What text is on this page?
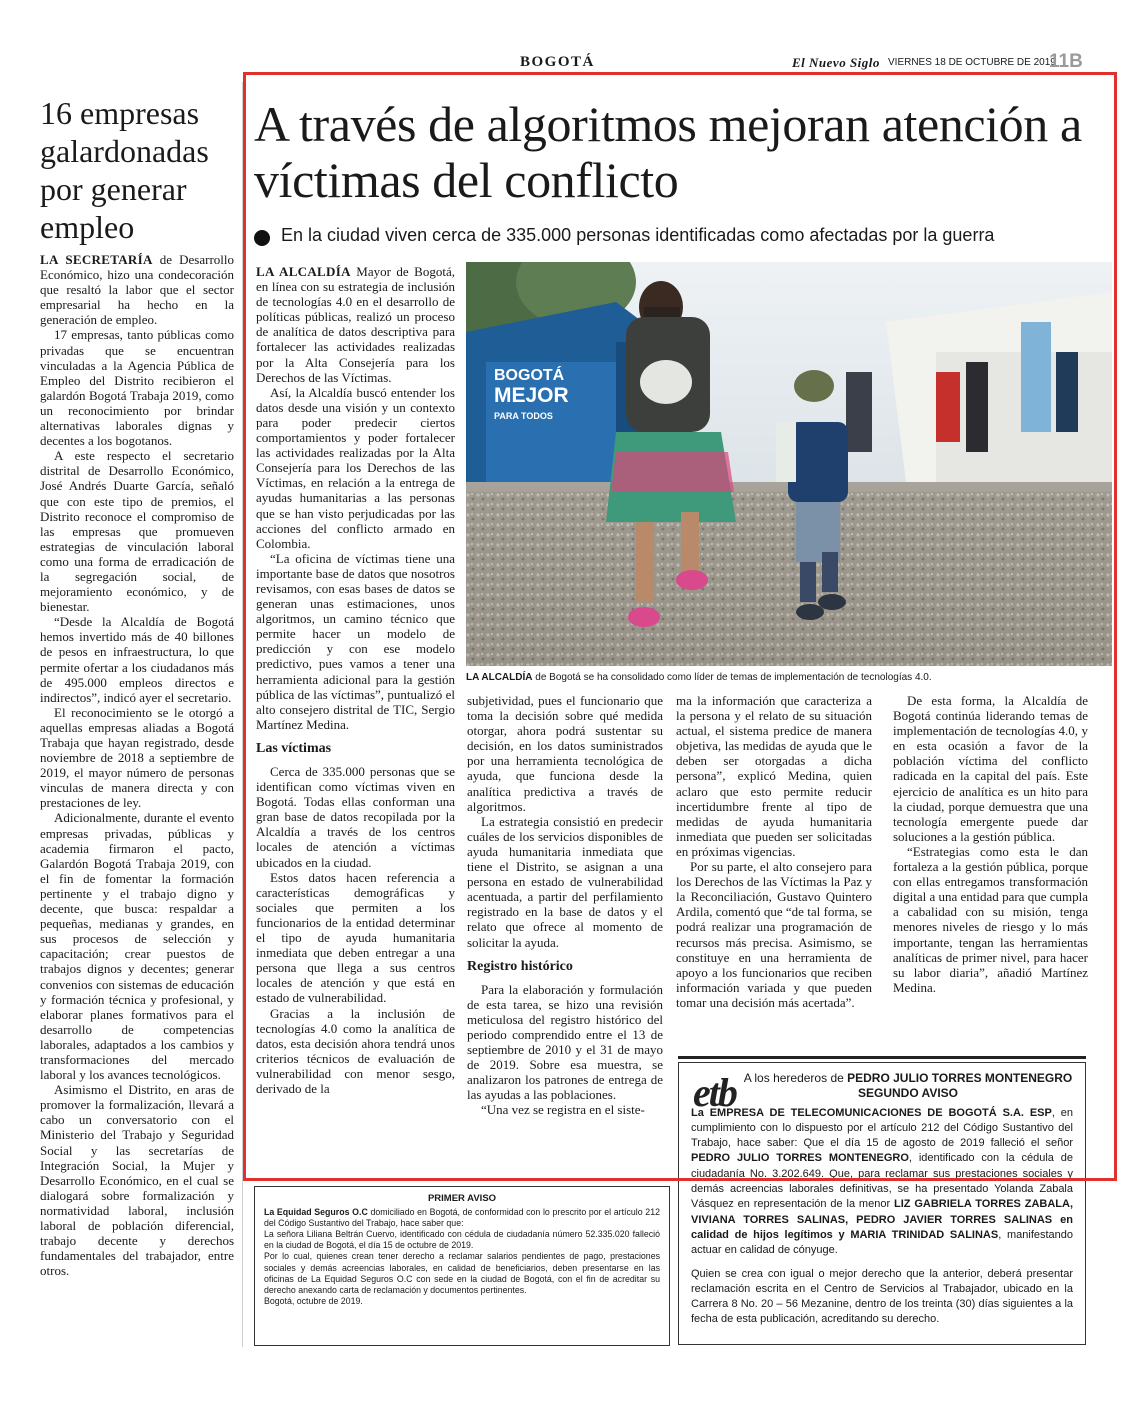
BOGOTÁ	El Nuevo Siglo VIERNES 18 DE OCTUBRE DE 2019
11B
16 empresas galardonadas por generar empleo

LA SECRETARÍA de Desarrollo Económico, hizo una condecoración que resaltó la labor que el sector empresarial ha hecho en la generación de empleo.

17 empresas, tanto públicas como privadas que se encuentran vinculadas a la Agencia Pública de Empleo del Distrito recibieron el galardón Bogotá Trabaja 2019, como un reconocimiento por brindar alternativas laborales dignas y decentes a los bogotanos.

A este respecto el secretario distrital de Desarrollo Económico, José Andrés Duarte García, señaló que con este tipo de premios, el Distrito reconoce el compromiso de las empresas que promueven estrategias de vinculación laboral como una forma de erradicación de la segregación social, de mejoramiento económico, y de bienestar.

“Desde la Alcaldía de Bogotá hemos invertido más de 40 billones de pesos en infraestructura, lo que permite ofertar a los ciudadanos más de 495.000 empleos directos e indirectos”, indicó ayer el secretario.

El reconocimiento se le otorgó a aquellas empresas aliadas a Bogotá Trabaja que hayan registrado, desde noviembre de 2018 a septiembre de 2019, el mayor número de personas vinculas de manera directa y con prestaciones de ley.

Adicionalmente, durante el evento empresas privadas, públicas y academia firmaron el pacto, Galardón Bogotá Trabaja 2019, con el fin de fomentar la formación pertinente y el trabajo digno y decente, que busca: respaldar a pequeñas, medianas y grandes, en sus procesos de selección y capacitación; crear puestos de trabajos dignos y decentes; generar convenios con sistemas de educación y formación técnica y profesional, y elaborar planes formativos para el desarrollo de competencias laborales, adaptados a los cambios y transformaciones del mercado laboral y los avances tecnológicos.

Asimismo el Distrito, en aras de promover la formalización, llevará a cabo un conversatorio con el Ministerio del Trabajo y Seguridad Social y las secretarías de Integración Social, la Mujer y Desarrollo Económico, en el cual se dialogará sobre formalización y normatividad laboral, inclusión laboral de población diferencial, trabajo decente y derechos fundamentales del trabajador, entre otros.

A través de algoritmos mejoran atención a víctimas del conflicto
En la ciudad viven cerca de 335.000 personas identificadas como afectadas por la guerra

LA ALCALDÍA Mayor de Bogotá, en línea con su estrategia de inclusión de tecnologías 4.0 en el desarrollo de políticas públicas, realizó un proceso de analítica de datos descriptiva para fortalecer las actividades realizadas por la Alta Consejería para los Derechos de las Víctimas.

Así, la Alcaldía buscó entender los datos desde una visión y un contexto para poder predecir ciertos comportamientos y poder fortalecer las actividades realizadas por la Alta Consejería para los Derechos de las Víctimas, en relación a la entrega de ayudas humanitarias a las personas que se han visto perjudicadas por las acciones del conflicto armado en Colombia.

“La oficina de víctimas tiene una importante base de datos que nosotros revisamos, con esas bases de datos se generan unas estimaciones, unos algoritmos, un camino técnico que permite hacer un modelo de predicción y con ese modelo predictivo, pues vamos a tener una herramienta adicional para la gestión pública de las víctimas”, puntualizó el alto consejero distrital de TIC, Sergio Martínez Medina.

Las víctimas

Cerca de 335.000 personas que se identifican como víctimas viven en Bogotá. Todas ellas conforman una gran base de datos recopilada por la Alcaldía a través de los centros locales de atención a víctimas ubicados en la ciudad.

Estos datos hacen referencia a características demográficas y sociales que permiten a los funcionarios de la entidad determinar el tipo de ayuda humanitaria inmediata que deben entregar a una persona que llega a sus centros locales de atención y que está en estado de vulnerabilidad.

Gracias a la inclusión de tecnologías 4.0 como la analítica de datos, esta decisión ahora tendrá unos criterios técnicos de evaluación de vulnerabilidad con menor sesgo, derivado de la

BOGOTÁ
MEJOR
PARA TODOS
LA ALCALDÍA de Bogotá se ha consolidado como líder de temas de implementación de tecnologías 4.0.

subjetividad, pues el funcionario que toma la decisión sobre qué medida otorgar, ahora podrá sustentar su decisión, en los datos suministrados por una herramienta tecnológica de ayuda, que funciona desde la analítica predictiva a través de algoritmos.

La estrategia consistió en predecir cuáles de los servicios disponibles de ayuda humanitaria inmediata que tiene el Distrito, se asignan a una persona en estado de vulnerabilidad acentuada, a partir del perfilamiento registrado en la base de datos y el relato que ofrece al momento de solicitar la ayuda.

Registro histórico

Para la elaboración y formulación de esta tarea, se hizo una revisión meticulosa del registro histórico del periodo comprendido entre el 13 de septiembre de 2010 y el 31 de mayo de 2019. Sobre esa muestra, se analizaron los patrones de entrega de las ayudas a las poblaciones.

“Una vez se registra en el siste-

ma la información que caracteriza a la persona y el relato de su situación actual, el sistema predice de manera objetiva, las medidas de ayuda que le deben ser otorgadas a dicha persona”, explicó Medina, quien aclaro que esto permite reducir incertidumbre frente al tipo de medidas de ayuda humanitaria inmediata que pueden ser solicitadas en próximas vigencias.

Por su parte, el alto consejero para los Derechos de las Víctimas la Paz y la Reconciliación, Gustavo Quintero Ardila, comentó que “de tal forma, se podrá realizar una programación de recursos más precisa. Asimismo, se constituye en una herramienta de apoyo a los funcionarios que reciben información variada y que pueden tomar una decisión más acertada”.

De esta forma, la Alcaldía de Bogotá continúa liderando temas de implementación de tecnologías 4.0, y en esta ocasión a favor de la población víctima del conflicto radicada en la capital del país. Este ejercicio de analítica es un hito para la ciudad, porque demuestra que una tecnología emergente puede dar soluciones a la gestión pública.

“Estrategias como esta le dan fortaleza a la gestión pública, porque con ellas entregamos transformación digital a una entidad para que cumpla a cabalidad con su misión, tenga menores niveles de riesgo y lo más importante, tengan las herramientas analíticas de primer nivel, para hacer su labor diaria”, añadió Martínez Medina.

PRIMER AVISO

La Equidad Seguros O.C domiciliado en Bogotá, de conformidad con lo prescrito por el artículo 212 del Código Sustantivo del Trabajo, hace saber que:

La señora Liliana Beltrán Cuervo, identificado con cédula de ciudadanía número 52.335.020 falleció en la ciudad de Bogotá, el día 15 de octubre de 2019.

Por lo cual, quienes crean tener derecho a reclamar salarios pendientes de pago, prestaciones sociales y demás acreencias laborales, en calidad de beneficiarios, deben presentarse en las oficinas de La Equidad Seguros O.C con sede en la ciudad de Bogotá, con el fin de acreditar su derecho anexando carta de reclamación y documentos pertinentes.

Bogotá, octubre de 2019.

etb A los herederos de PEDRO JULIO TORRES MONTENEGRO
SEGUNDO AVISO

La EMPRESA DE TELECOMUNICACIONES DE BOGOTÁ S.A. ESP, en cumplimiento con lo dispuesto por el artículo 212 del Código Sustantivo del Trabajo, hace saber: Que el día 15 de agosto de 2019 falleció el señor PEDRO JULIO TORRES MONTENEGRO, identificado con la cédula de ciudadanía No. 3.202.649. Que, para reclamar sus prestaciones sociales y demás acreencias laborales definitivas, se ha presentado Yolanda Zabala Vásquez en representación de la menor LIZ GABRIELA TORRES ZABALA, VIVIANA TORRES SALINAS, PEDRO JAVIER TORRES SALINAS en calidad de hijos legítimos y MARIA TRINIDAD SALINAS, manifestando actuar en calidad de cónyuge.

Quien se crea con igual o mejor derecho que la anterior, deberá presentar reclamación escrita en el Centro de Servicios al Trabajador, ubicado en la Carrera 8 No. 20 – 56 Mezanine, dentro de los treinta (30) días siguientes a la fecha de esta publicación, acreditando su derecho.
